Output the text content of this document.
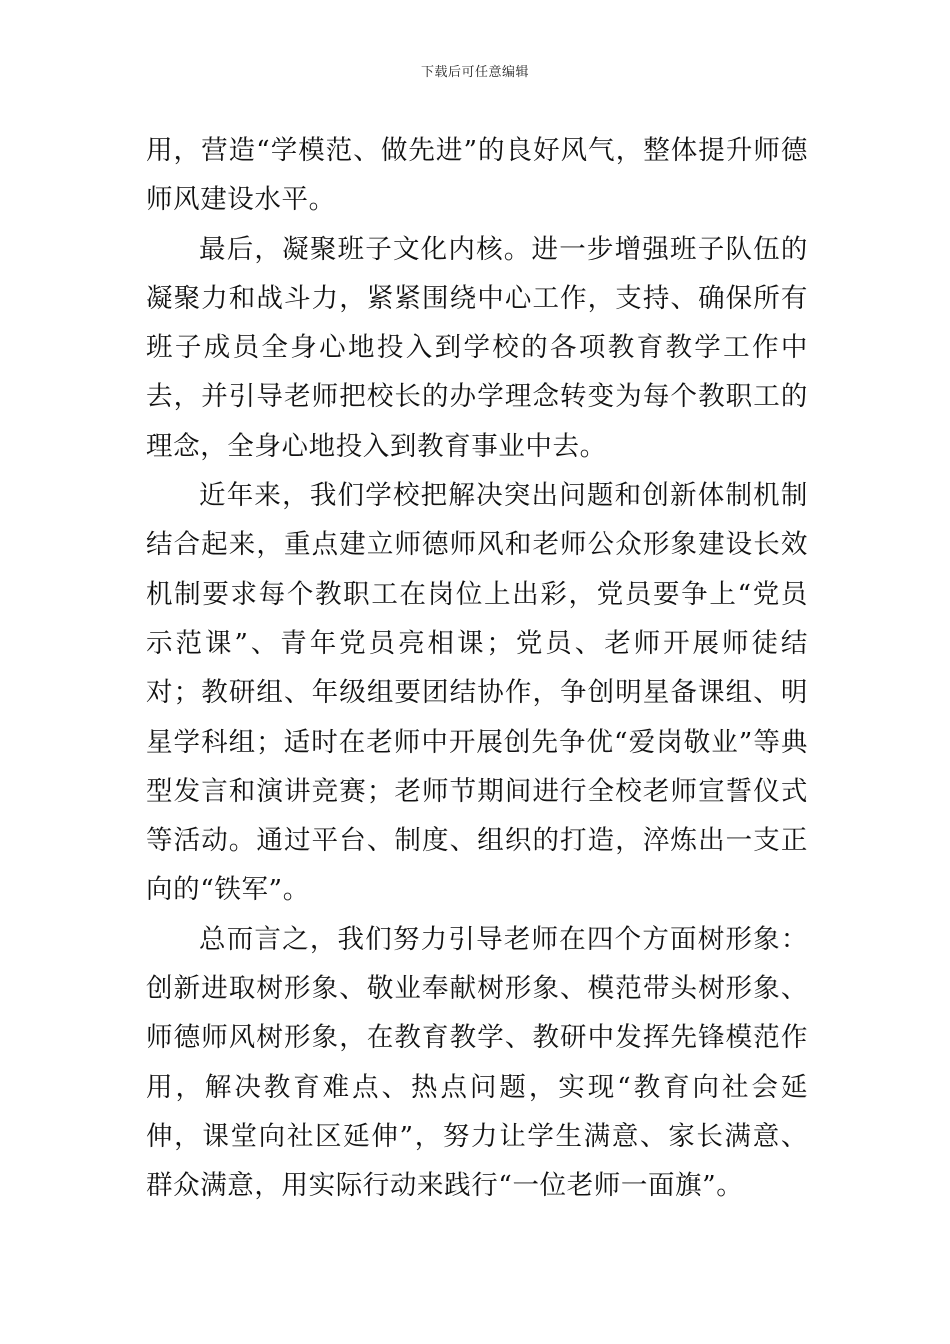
下载后可任意编辑

用，营造“学模范、做先进”的良好风气，整体提升师德师风建设水平。

最后，凝聚班子文化内核。进一步增强班子队伍的凝聚力和战斗力，紧紧围绕中心工作，支持、确保所有班子成员全身心地投入到学校的各项教育教学工作中去，并引导老师把校长的办学理念转变为每个教职工的理念，全身心地投入到教育事业中去。

近年来，我们学校把解决突出问题和创新体制机制结合起来，重点建立师德师风和老师公众形象建设长效机制要求每个教职工在岗位上出彩，党员要争上“党员示范课”、青年党员亮相课；党员、老师开展师徒结对；教研组、年级组要团结协作，争创明星备课组、明星学科组；适时在老师中开展创先争优“爱岗敬业”等典型发言和演讲竞赛；老师节期间进行全校老师宣誓仪式等活动。通过平台、制度、组织的打造，淬炼出一支正向的“铁军”。

总而言之，我们努力引导老师在四个方面树形象：创新进取树形象、敬业奉献树形象、模范带头树形象、师德师风树形象，在教育教学、教研中发挥先锋模范作用，解决教育难点、热点问题，实现“教育向社会延伸，课堂向社区延伸”，努力让学生满意、家长满意、群众满意，用实际行动来践行“一位老师一面旗”。
